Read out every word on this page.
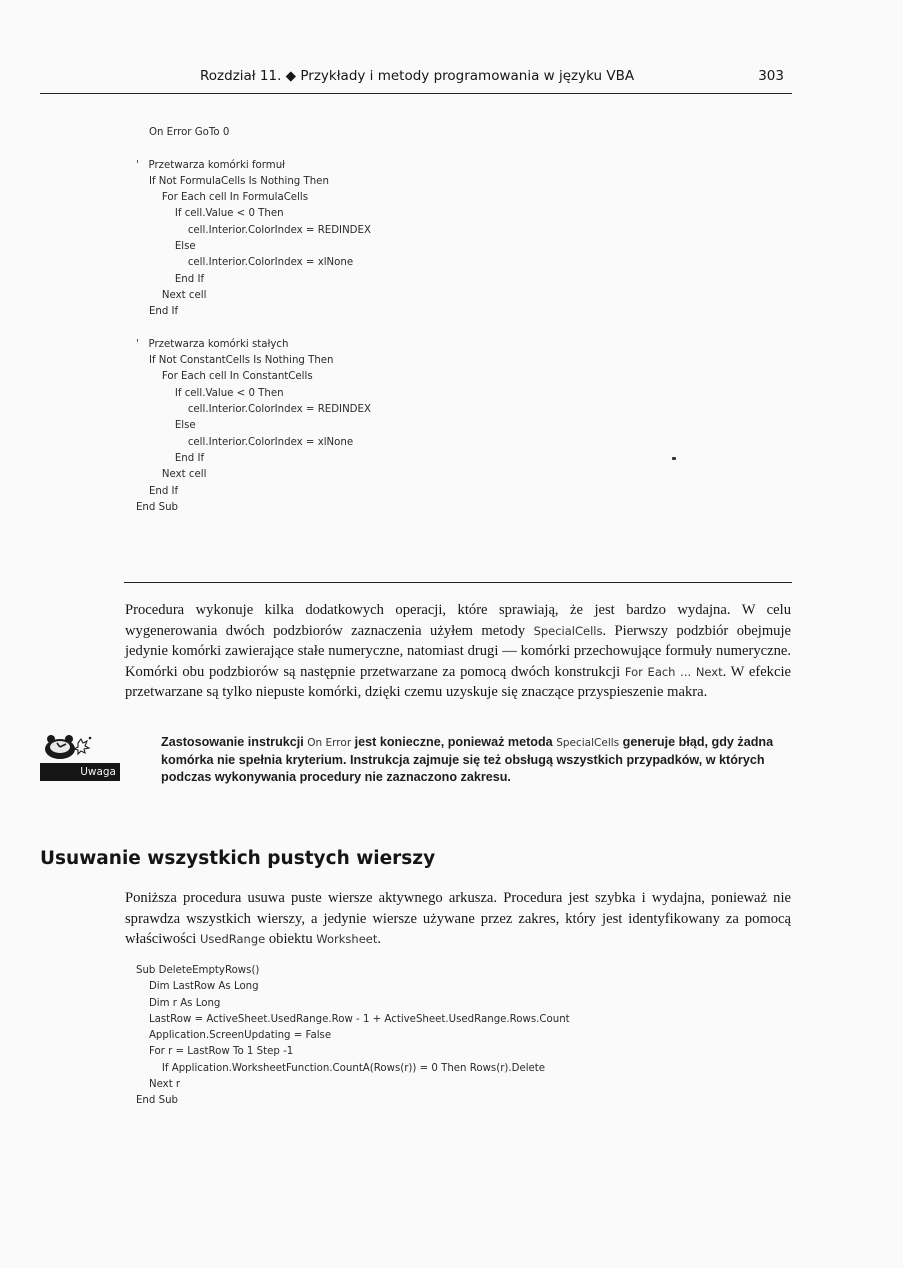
Rozdział 11. ◆ Przykłady i metody programowania w języku VBA	303
On Error GoTo 0

'   Przetwarza komórki formuł
If Not FormulaCells Is Nothing Then
For Each cell In FormulaCells
If cell.Value < 0 Then
cell.Interior.ColorIndex = REDINDEX
Else
cell.Interior.ColorIndex = xlNone
End If
Next cell
End If

'   Przetwarza komórki stałych
If Not ConstantCells Is Nothing Then
For Each cell In ConstantCells
If cell.Value < 0 Then
cell.Interior.ColorIndex = REDINDEX
Else
cell.Interior.ColorIndex = xlNone
End If
Next cell
End If
End Sub

Procedura wykonuje kilka dodatkowych operacji, które sprawiają, że jest bardzo wydajna. W celu wygenerowania dwóch podzbiorów zaznaczenia użyłem metody SpecialCells. Pierwszy podzbiór obejmuje jedynie komórki zawierające stałe numeryczne, natomiast drugi — komórki przechowujące formuły numeryczne. Komórki obu podzbiorów są następnie przetwarzane za pomocą dwóch konstrukcji For Each ... Next. W efekcie przetwarzane są tylko niepuste komórki, dzięki czemu uzyskuje się znaczące przyspieszenie makra.

Uwaga

Zastosowanie instrukcji On Error jest konieczne, ponieważ metoda SpecialCells generuje błąd, gdy żadna komórka nie spełnia kryterium. Instrukcja zajmuje się też obsługą wszystkich przypadków, w których podczas wykonywania procedury nie zaznaczono zakresu.

Usuwanie wszystkich pustych wierszy

Poniższa procedura usuwa puste wiersze aktywnego arkusza. Procedura jest szybka i wydajna, ponieważ nie sprawdza wszystkich wierszy, a jedynie wiersze używane przez zakres, który jest identyfikowany za pomocą właściwości UsedRange obiektu Worksheet.

Sub DeleteEmptyRows()
Dim LastRow As Long
Dim r As Long
LastRow = ActiveSheet.UsedRange.Row - 1 + ActiveSheet.UsedRange.Rows.Count
Application.ScreenUpdating = False
For r = LastRow To 1 Step -1
If Application.WorksheetFunction.CountA(Rows(r)) = 0 Then Rows(r).Delete
Next r
End Sub
